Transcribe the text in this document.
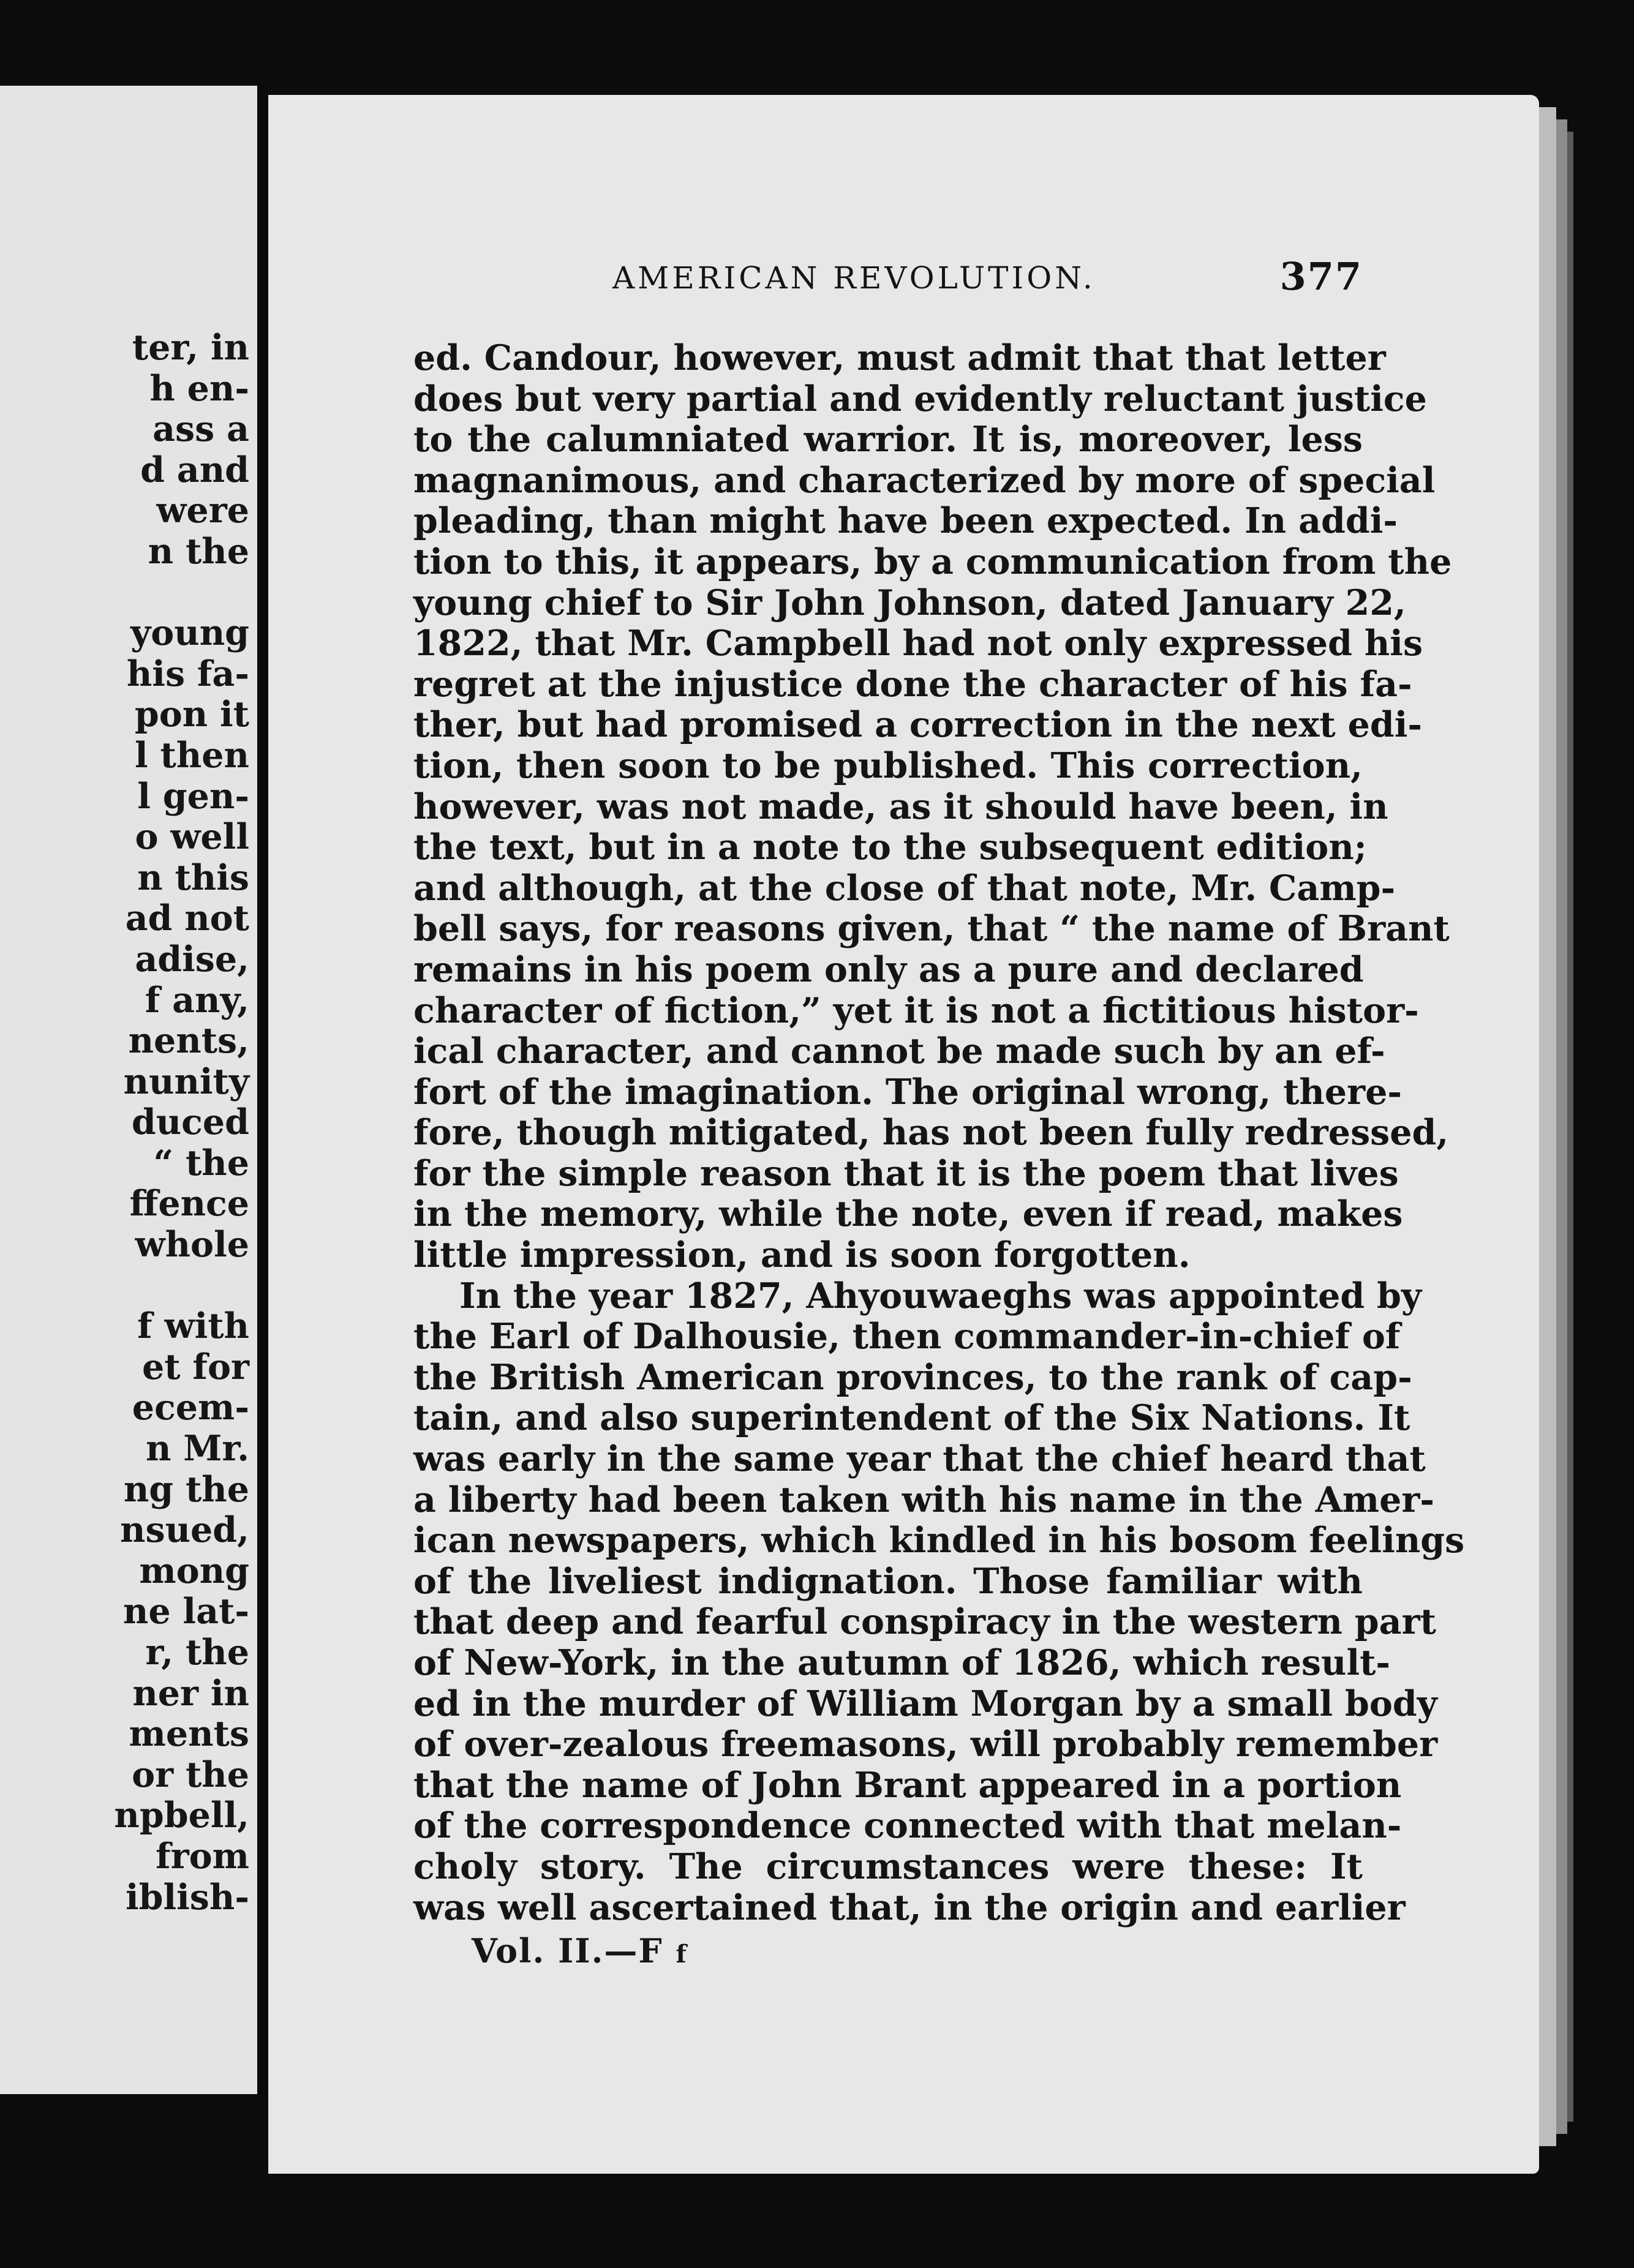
ter, in
h en-
ass a
d and
were
n the
young
his fa-
pon it
l then
l gen-
o well
n this
ad not
adise,
f any,
nents,
nunity
duced
“ the
ffence
whole
f with
et for
ecem-
n Mr.
ng the
nsued,
mong
ne lat-
r, the
ner in
ments
or the
npbell,
from
iblish-
AMERICAN REVOLUTION.	377
ed. Candour, however, must admit that that letter
does but very partial and evidently reluctant justice
to the calumniated warrior. It is, moreover, less
magnanimous, and characterized by more of special
pleading, than might have been expected. In addi-
tion to this, it appears, by a communication from the
young chief to Sir John Johnson, dated January 22,
1822, that Mr. Campbell had not only expressed his
regret at the injustice done the character of his fa-
ther, but had promised a correction in the next edi-
tion, then soon to be published. This correction,
however, was not made, as it should have been, in
the text, but in a note to the subsequent edition;
and although, at the close of that note, Mr. Camp-
bell says, for reasons given, that “ the name of Brant
remains in his poem only as a pure and declared
character of fiction,” yet it is not a fictitious histor-
ical character, and cannot be made such by an ef-
fort of the imagination. The original wrong, there-
fore, though mitigated, has not been fully redressed,
for the simple reason that it is the poem that lives
in the memory, while the note, even if read, makes
little impression, and is soon forgotten.
In the year 1827, Ahyouwaeghs was appointed by
the Earl of Dalhousie, then commander-in-chief of
the British American provinces, to the rank of cap-
tain, and also superintendent of the Six Nations. It
was early in the same year that the chief heard that
a liberty had been taken with his name in the Amer-
ican newspapers, which kindled in his bosom feelings
of the liveliest indignation. Those familiar with
that deep and fearful conspiracy in the western part
of New-York, in the autumn of 1826, which result-
ed in the murder of William Morgan by a small body
of over-zealous freemasons, will probably remember
that the name of John Brant appeared in a portion
of the correspondence connected with that melan-
choly story. The circumstances were these: It
was well ascertained that, in the origin and earlier
Vol. II.—F f
